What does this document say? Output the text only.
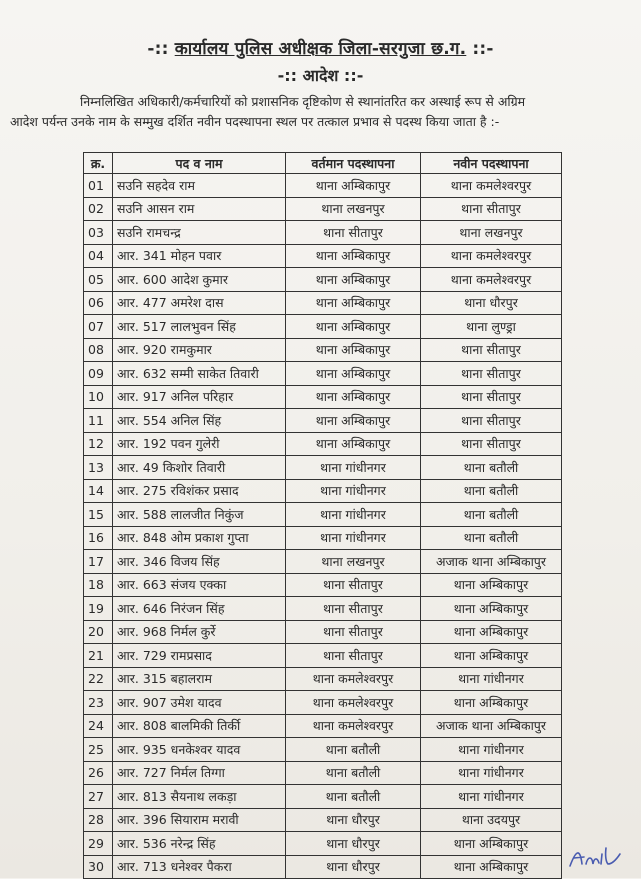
-:: कार्यालय पुलिस अधीक्षक जिला-सरगुजा छ.ग. ::-
-:: आदेश ::-
निम्नलिखित अधिकारी/कर्मचारियों को प्रशासनिक दृष्टिकोण से स्थानांतरित कर अस्थाई रूप से अग्रिम आदेश पर्यन्त उनके नाम के सम्मुख दर्शित नवीन पदस्थापना स्थल पर तत्काल प्रभाव से पदस्थ किया जाता है :-
क्र.	पद व नाम	वर्तमान पदस्थापना	नवीन पदस्थापना
01	सउनि सहदेव राम	थाना अम्बिकापुर	थाना कमलेश्वरपुर
02	सउनि आसन राम	थाना लखनपुर	थाना सीतापुर
03	सउनि रामचन्द्र	थाना सीतापुर	थाना लखनपुर
04	आर. 341 मोहन पवार	थाना अम्बिकापुर	थाना कमलेश्वरपुर
05	आर. 600 आदेश कुमार	थाना अम्बिकापुर	थाना कमलेश्वरपुर
06	आर. 477 अमरेश दास	थाना अम्बिकापुर	थाना धौरपुर
07	आर. 517 लालभुवन सिंह	थाना अम्बिकापुर	थाना लुण्ड्रा
08	आर. 920 रामकुमार	थाना अम्बिकापुर	थाना सीतापुर
09	आर. 632 सम्मी साकेत तिवारी	थाना अम्बिकापुर	थाना सीतापुर
10	आर. 917 अनिल परिहार	थाना अम्बिकापुर	थाना सीतापुर
11	आर. 554 अनिल सिंह	थाना अम्बिकापुर	थाना सीतापुर
12	आर. 192 पवन गुलेरी	थाना अम्बिकापुर	थाना सीतापुर
13	आर. 49 किशोर तिवारी	थाना गांधीनगर	थाना बतौली
14	आर. 275 रविशंकर प्रसाद	थाना गांधीनगर	थाना बतौली
15	आर. 588 लालजीत निकुंज	थाना गांधीनगर	थाना बतौली
16	आर. 848 ओम प्रकाश गुप्ता	थाना गांधीनगर	थाना बतौली
17	आर. 346 विजय सिंह	थाना लखनपुर	अजाक थाना अम्बिकापुर
18	आर. 663 संजय एक्का	थाना सीतापुर	थाना अम्बिकापुर
19	आर. 646 निरंजन सिंह	थाना सीतापुर	थाना अम्बिकापुर
20	आर. 968 निर्मल कुर्रे	थाना सीतापुर	थाना अम्बिकापुर
21	आर. 729 रामप्रसाद	थाना सीतापुर	थाना अम्बिकापुर
22	आर. 315 बहालराम	थाना कमलेश्वरपुर	थाना गांधीनगर
23	आर. 907 उमेश यादव	थाना कमलेश्वरपुर	थाना अम्बिकापुर
24	आर. 808 बालमिकी तिर्की	थाना कमलेश्वरपुर	अजाक थाना अम्बिकापुर
25	आर. 935 धनकेश्वर यादव	थाना बतौली	थाना गांधीनगर
26	आर. 727 निर्मल तिग्गा	थाना बतौली	थाना गांधीनगर
27	आर. 813 सैयनाथ लकड़ा	थाना बतौली	थाना गांधीनगर
28	आर. 396 सियाराम मरावी	थाना धौरपुर	थाना उदयपुर
29	आर. 536 नरेन्द्र सिंह	थाना धौरपुर	थाना अम्बिकापुर
30	आर. 713 धनेश्वर पैकरा	थाना धौरपुर	थाना अम्बिकापुर
